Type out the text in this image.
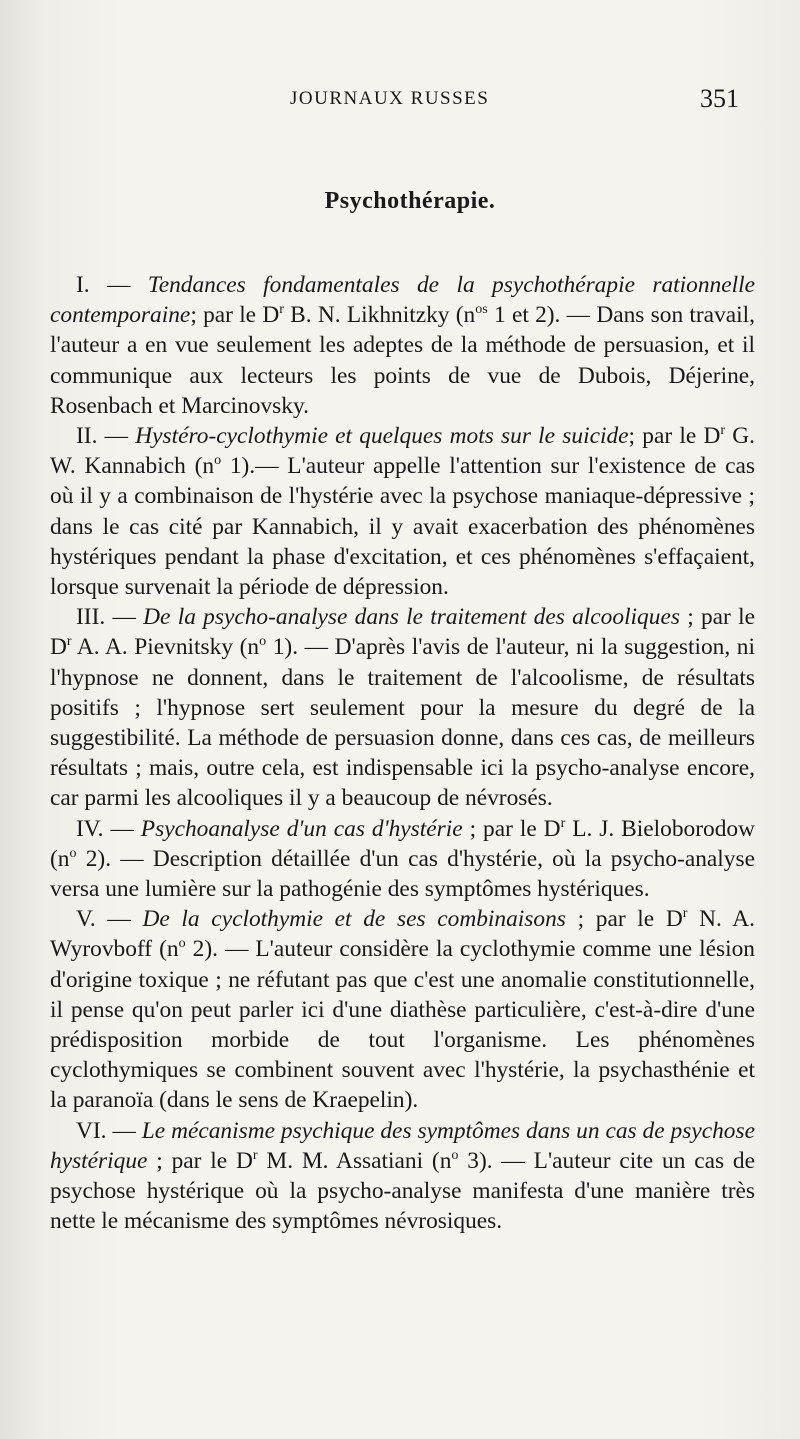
JOURNAUX RUSSES	351
Psychothérapie.

I. — Tendances fondamentales de la psychothérapie rationnelle contemporaine; par le $D^r$ B. N. Likhnitzky ($n^{os}$ 1 et 2). — Dans son travail, l'auteur a en vue seulement les adeptes de la méthode de persuasion, et il communique aux lecteurs les points de vue de Dubois, Déjerine, Rosenbach et Marcinovsky.

II. — Hystéro-cyclothymie et quelques mots sur le suicide; par le $D^r$ G. W. Kannabich ($n^o$ 1).— L'auteur appelle l'attention sur l'existence de cas où il y a combinaison de l'hystérie avec la psychose maniaque-dépressive ; dans le cas cité par Kannabich, il y avait exacerbation des phénomènes hystériques pendant la phase d'excitation, et ces phénomènes s'effaçaient, lorsque survenait la période de dépression.

III. — De la psycho-analyse dans le traitement des alcooliques ; par le $D^r$ A. A. Pievnitsky ($n^o$ 1). — D'après l'avis de l'auteur, ni la suggestion, ni l'hypnose ne donnent, dans le traitement de l'alcoolisme, de résultats positifs ; l'hypnose sert seulement pour la mesure du degré de la suggestibilité. La méthode de persuasion donne, dans ces cas, de meilleurs résultats ; mais, outre cela, est indispensable ici la psycho-analyse encore, car parmi les alcooliques il y a beaucoup de névrosés.

IV. — Psychoanalyse d'un cas d'hystérie ; par le $D^r$ L. J. Bieloborodow ($n^o$ 2). — Description détaillée d'un cas d'hystérie, où la psycho-analyse versa une lumière sur la pathogénie des symptômes hystériques.

V. — De la cyclothymie et de ses combinaisons ; par le $D^r$ N. A. Wyrovboff ($n^o$ 2). — L'auteur considère la cyclothymie comme une lésion d'origine toxique ; ne réfutant pas que c'est une anomalie constitutionnelle, il pense qu'on peut parler ici d'une diathèse particulière, c'est-à-dire d'une prédisposition morbide de tout l'organisme. Les phénomènes cyclothymiques se combinent souvent avec l'hystérie, la psychasthénie et la paranoïa (dans le sens de Kraepelin).

VI. — Le mécanisme psychique des symptômes dans un cas de psychose hystérique ; par le $D^r$ M. M. Assatiani ($n^o$ 3). — L'auteur cite un cas de psychose hystérique où la psycho-analyse manifesta d'une manière très nette le mécanisme des symptômes névrosiques.
